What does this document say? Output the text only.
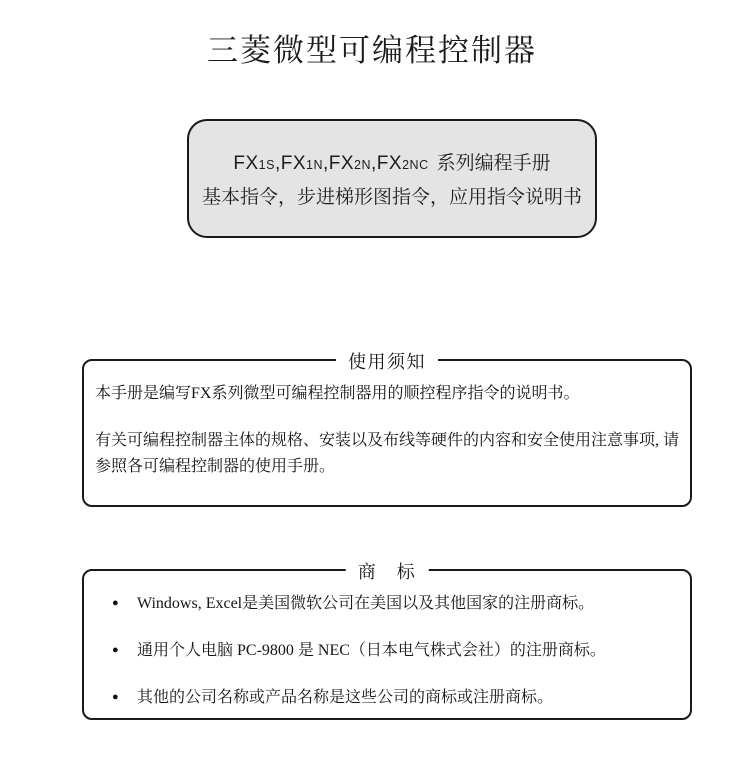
三菱微型可编程控制器
FX1S,FX1N,FX2N,FX2NC 系列编程手册
基本指令，步进梯形图指令，应用指令说明书
使用须知

本手册是编写FX系列微型可编程控制器用的顺控程序指令的说明书。

有关可编程控制器主体的规格、安装以及布线等硬件的内容和安全使用注意事项, 请
参照各可编程控制器的使用手册。

商　标
●	Windows, Excel是美国微软公司在美国以及其他国家的注册商标。
●	通用个人电脑 PC-9800 是 NEC（日本电气株式会社）的注册商标。
●	其他的公司名称或产品名称是这些公司的商标或注册商标。
